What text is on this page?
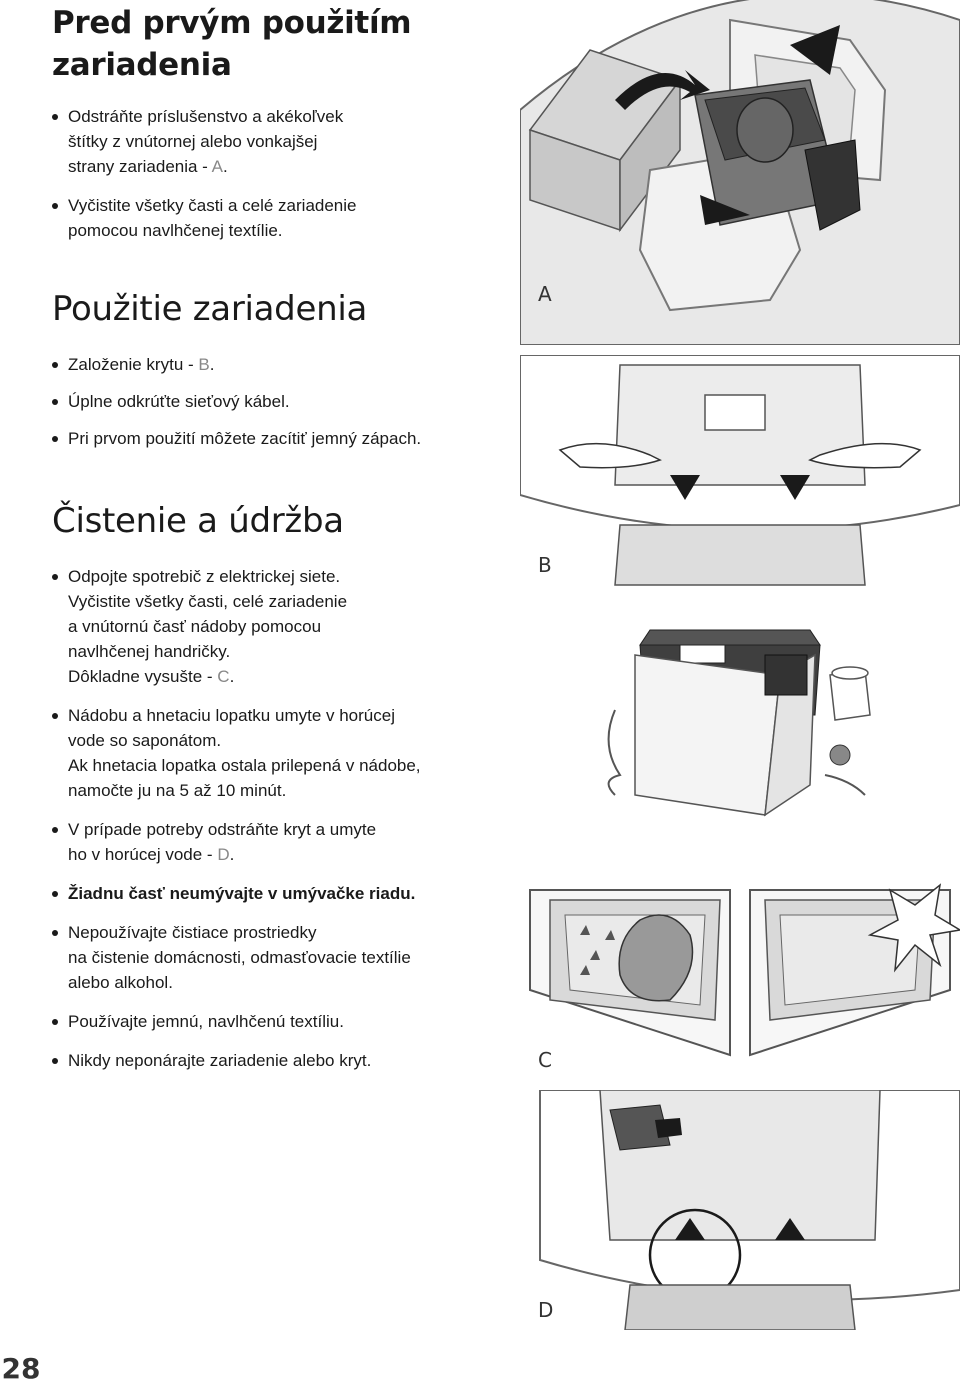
Pred prvým použitím
zariadenia
Odstráňte príslušenstvo a akékoľvek
štítky z vnútornej alebo vonkajšej
strany zariadenia - A.
Vyčistite všetky časti a celé zariadenie
pomocou navlhčenej textílie.
Použitie zariadenia
Založenie krytu - B.
Úplne odkrúťte sieťový kábel.
Pri prvom použití môžete zacítiť jemný zápach.
Čistenie a údržba
Odpojte spotrebič z elektrickej siete.
Vyčistite všetky časti, celé zariadenie
a vnútornú časť nádoby pomocou
navlhčenej handričky.
Dôkladne vysušte - C.
Nádobu a hnetaciu lopatku umyte v horúcej
vode so saponátom.
Ak hnetacia lopatka ostala prilepená v nádobe,
namočte ju na 5 až 10 minút.
V prípade potreby odstráňte kryt a umyte
ho v horúcej vode - D.
Žiadnu časť neumývajte v umývačke riadu.
Nepoužívajte čistiace prostriedky
na čistenie domácnosti, odmasťovacie textílie
alebo alkohol.
Používajte jemnú, navlhčenú textíliu.
Nikdy neponárajte zariadenie alebo kryt.
A
B
C
D
28
